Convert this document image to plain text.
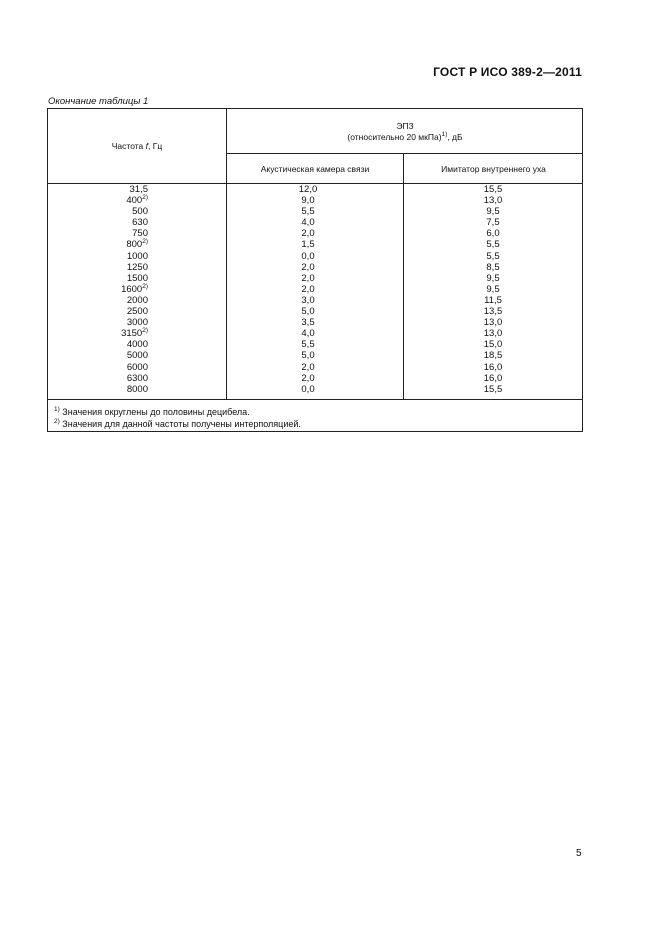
ГОСТ Р ИСО 389-2—2011
Окончание таблицы 1
Частота f, Гц
ЭПЗ
(относительно 20 мкПа)$^{1)}$, дБ
Акустическая камера связи	Имитатор внутреннего уха
31,5
400$^{2)}$
500
630
750
800$^{2)}$
1000
1250
1500
1600$^{2)}$
2000
2500
3000
3150$^{2)}$
4000
5000
6000
6300
8000
12,0
9,0
5,5
4,0
2,0
1,5
0,0
2,0
2,0
2,0
3,0
5,0
3,5
4,0
5,5
5,0
2,0
2,0
0,0
15,5
13,0
9,5
7,5
6,0
5,5
5,5
8,5
9,5
9,5
11,5
13,5
13,0
13,0
15,0
18,5
16,0
16,0
15,5
$^{1)}$ Значения округлены до половины децибела.
$^{2)}$ Значения для данной частоты получены интерполяцией.
5
